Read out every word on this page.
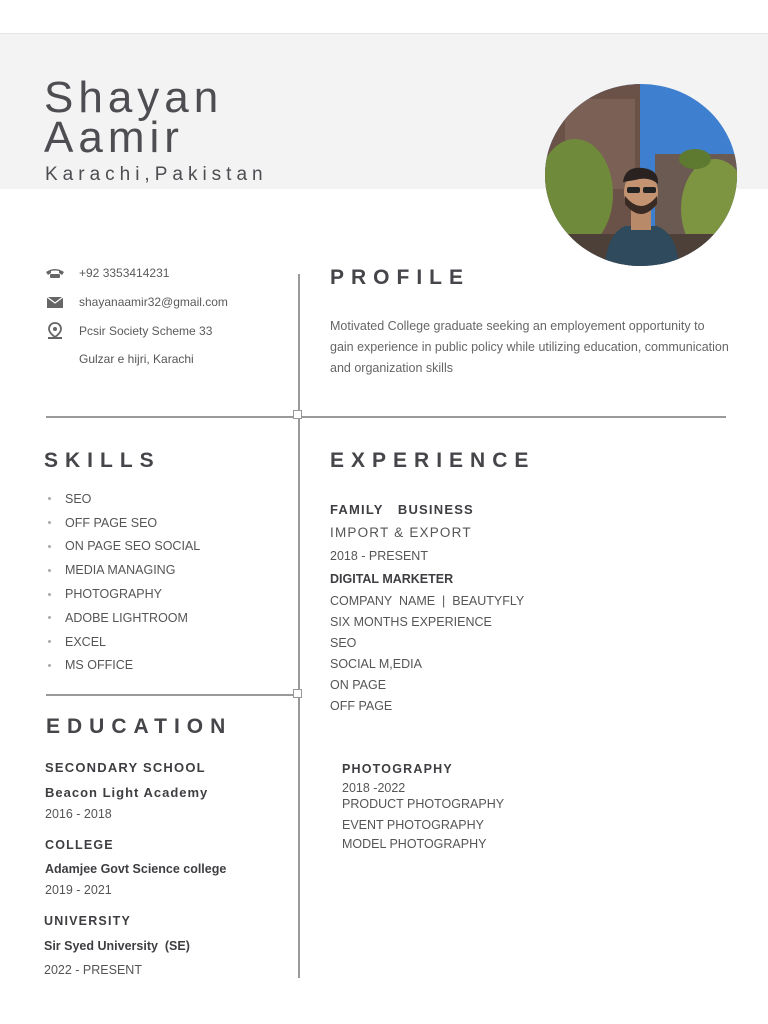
Shayan
Aamir
Karachi,Pakistan
+92 3353414231
shayanaamir32@gmail.com
Pcsir Society Scheme 33
Gulzar e hijri, Karachi
PROFILE
Motivated College graduate seeking an employement opportunity to gain experience in public policy while utilizing education, communication and organization skills
SKILLS
SEO
OFF PAGE SEO
ON PAGE SEO SOCIAL
MEDIA MANAGING
PHOTOGRAPHY
ADOBE LIGHTROOM
EXCEL
MS OFFICE
EXPERIENCE
FAMILY   BUSINESS
IMPORT & EXPORT
2018 - PRESENT
DIGITAL MARKETER
COMPANY  NAME  |  BEAUTYFLY
SIX MONTHS EXPERIENCE
SEO
SOCIAL M,EDIA
ON PAGE
OFF PAGE
PHOTOGRAPHY
2018 -2022
PRODUCT PHOTOGRAPHY
EVENT PHOTOGRAPHY
MODEL PHOTOGRAPHY
EDUCATION
SECONDARY SCHOOL
Beacon Light Academy
2016 - 2018
COLLEGE
Adamjee Govt Science college
2019 - 2021
UNIVERSITY
Sir Syed University  (SE)
2022 - PRESENT
